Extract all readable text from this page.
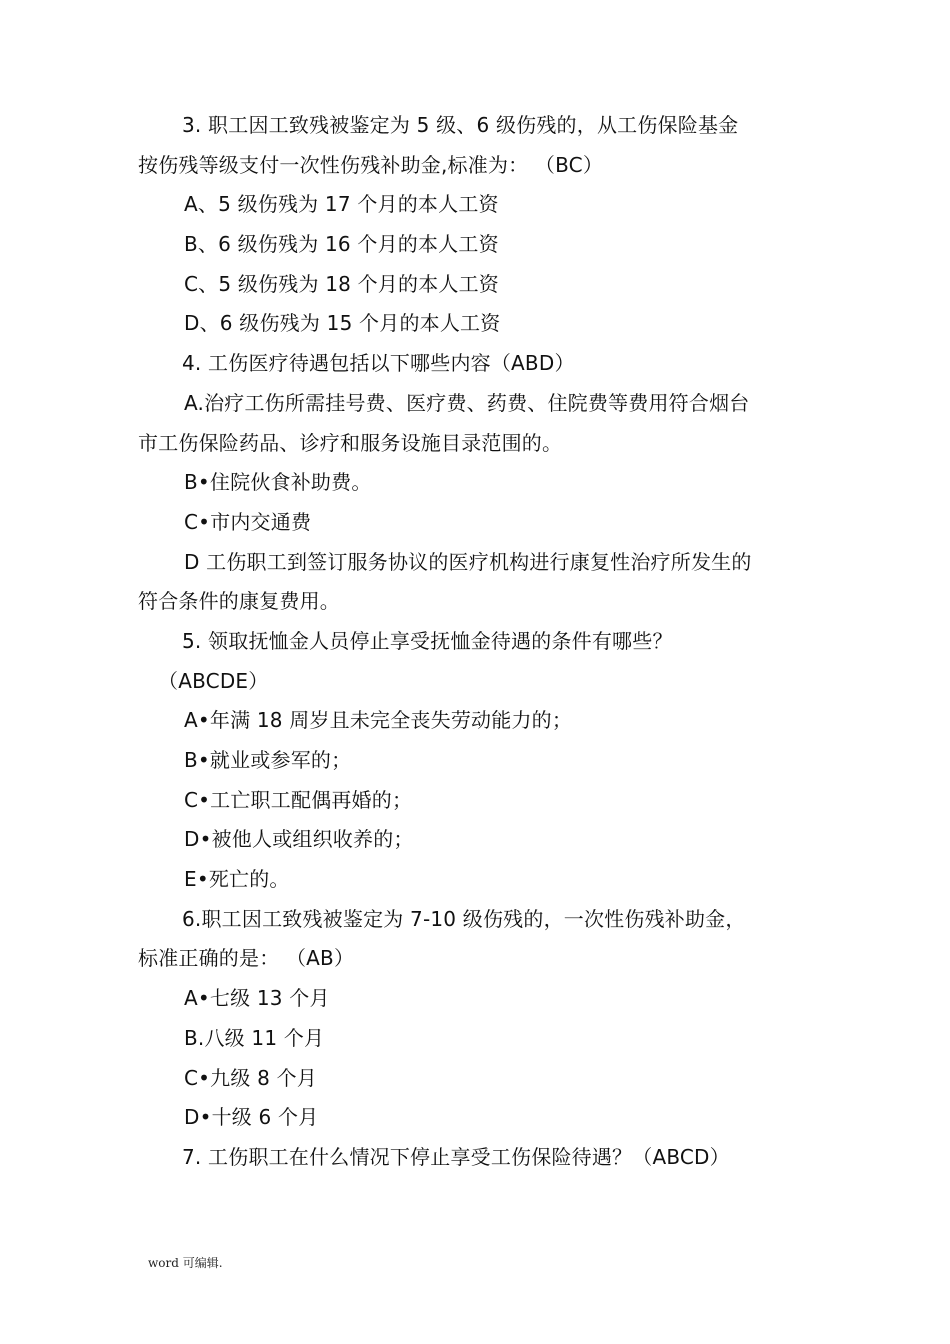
3. 职工因工致残被鉴定为 5 级、6 级伤残的，从工伤保险基金
按伤残等级支付一次性伤残补助金,标准为： （BC）
A、5 级伤残为 17 个月的本人工资
B、6 级伤残为 16 个月的本人工资
C、5 级伤残为 18 个月的本人工资
D、6 级伤残为 15 个月的本人工资
4. 工伤医疗待遇包括以下哪些内容（ABD）
A.治疗工伤所需挂号费、医疗费、药费、住院费等费用符合烟台
市工伤保险药品、诊疗和服务设施目录范围的。
B•住院伙食补助费。
C•市内交通费
D 工伤职工到签订服务协议的医疗机构进行康复性治疗所发生的
符合条件的康复费用。
5. 领取抚恤金人员停止享受抚恤金待遇的条件有哪些？
（ABCDE）
A•年满 18 周岁且未完全丧失劳动能力的；
B•就业或参军的；
C•工亡职工配偶再婚的；
D•被他人或组织收养的；
E•死亡的。
6.职工因工致残被鉴定为 7-10 级伤残的，一次性伤残补助金，
标准正确的是： （AB）
A•七级 13 个月
B.八级 11 个月
C•九级 8 个月
D•十级 6 个月
7. 工伤职工在什么情况下停止享受工伤保险待遇？（ABCD）
word 可编辑.
